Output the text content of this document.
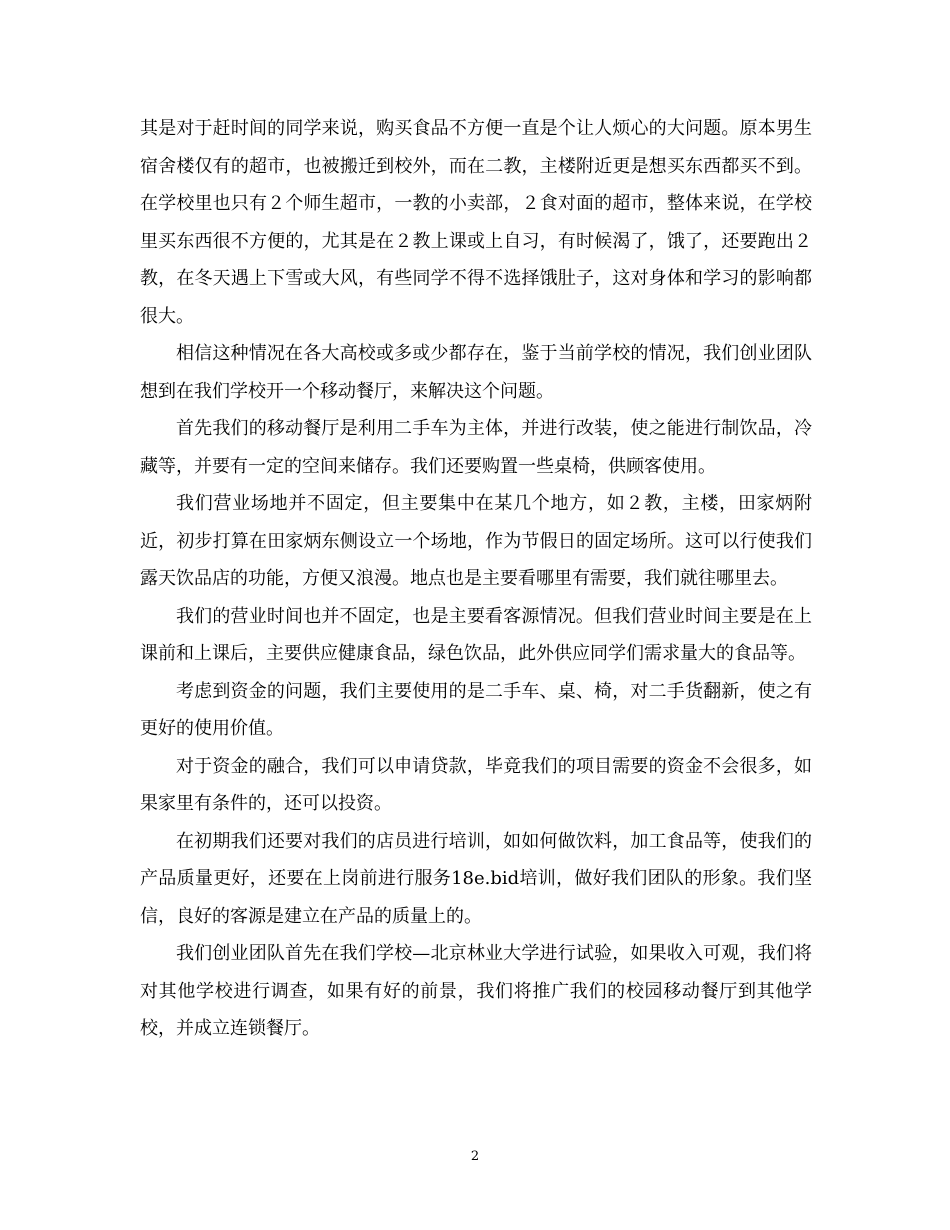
其是对于赶时间的同学来说，购买食品不方便一直是个让人烦心的大问题。原本男生宿舍楼仅有的超市，也被搬迁到校外，而在二教，主楼附近更是想买东西都买不到。在学校里也只有２个师生超市，一教的小卖部，２食对面的超市，整体来说，在学校里买东西很不方便的，尤其是在２教上课或上自习，有时候渴了，饿了，还要跑出２教，在冬天遇上下雪或大风，有些同学不得不选择饿肚子，这对身体和学习的影响都很大。

相信这种情况在各大高校或多或少都存在，鉴于当前学校的情况，我们创业团队想到在我们学校开一个移动餐厅，来解决这个问题。

首先我们的移动餐厅是利用二手车为主体，并进行改装，使之能进行制饮品，冷藏等，并要有一定的空间来储存。我们还要购置一些桌椅，供顾客使用。

我们营业场地并不固定，但主要集中在某几个地方，如２教，主楼，田家炳附近，初步打算在田家炳东侧设立一个场地，作为节假日的固定场所。这可以行使我们露天饮品店的功能，方便又浪漫。地点也是主要看哪里有需要，我们就往哪里去。

我们的营业时间也并不固定，也是主要看客源情况。但我们营业时间主要是在上课前和上课后，主要供应健康食品，绿色饮品，此外供应同学们需求量大的食品等。

考虑到资金的问题，我们主要使用的是二手车、桌、椅，对二手货翻新，使之有更好的使用价值。

对于资金的融合，我们可以申请贷款，毕竟我们的项目需要的资金不会很多，如果家里有条件的，还可以投资。

在初期我们还要对我们的店员进行培训，如如何做饮料，加工食品等，使我们的产品质量更好，还要在上岗前进行服务18e.bid培训，做好我们团队的形象。我们坚信，良好的客源是建立在产品的质量上的。

我们创业团队首先在我们学校—北京林业大学进行试验，如果收入可观，我们将对其他学校进行调查，如果有好的前景，我们将推广我们的校园移动餐厅到其他学校，并成立连锁餐厅。

2
